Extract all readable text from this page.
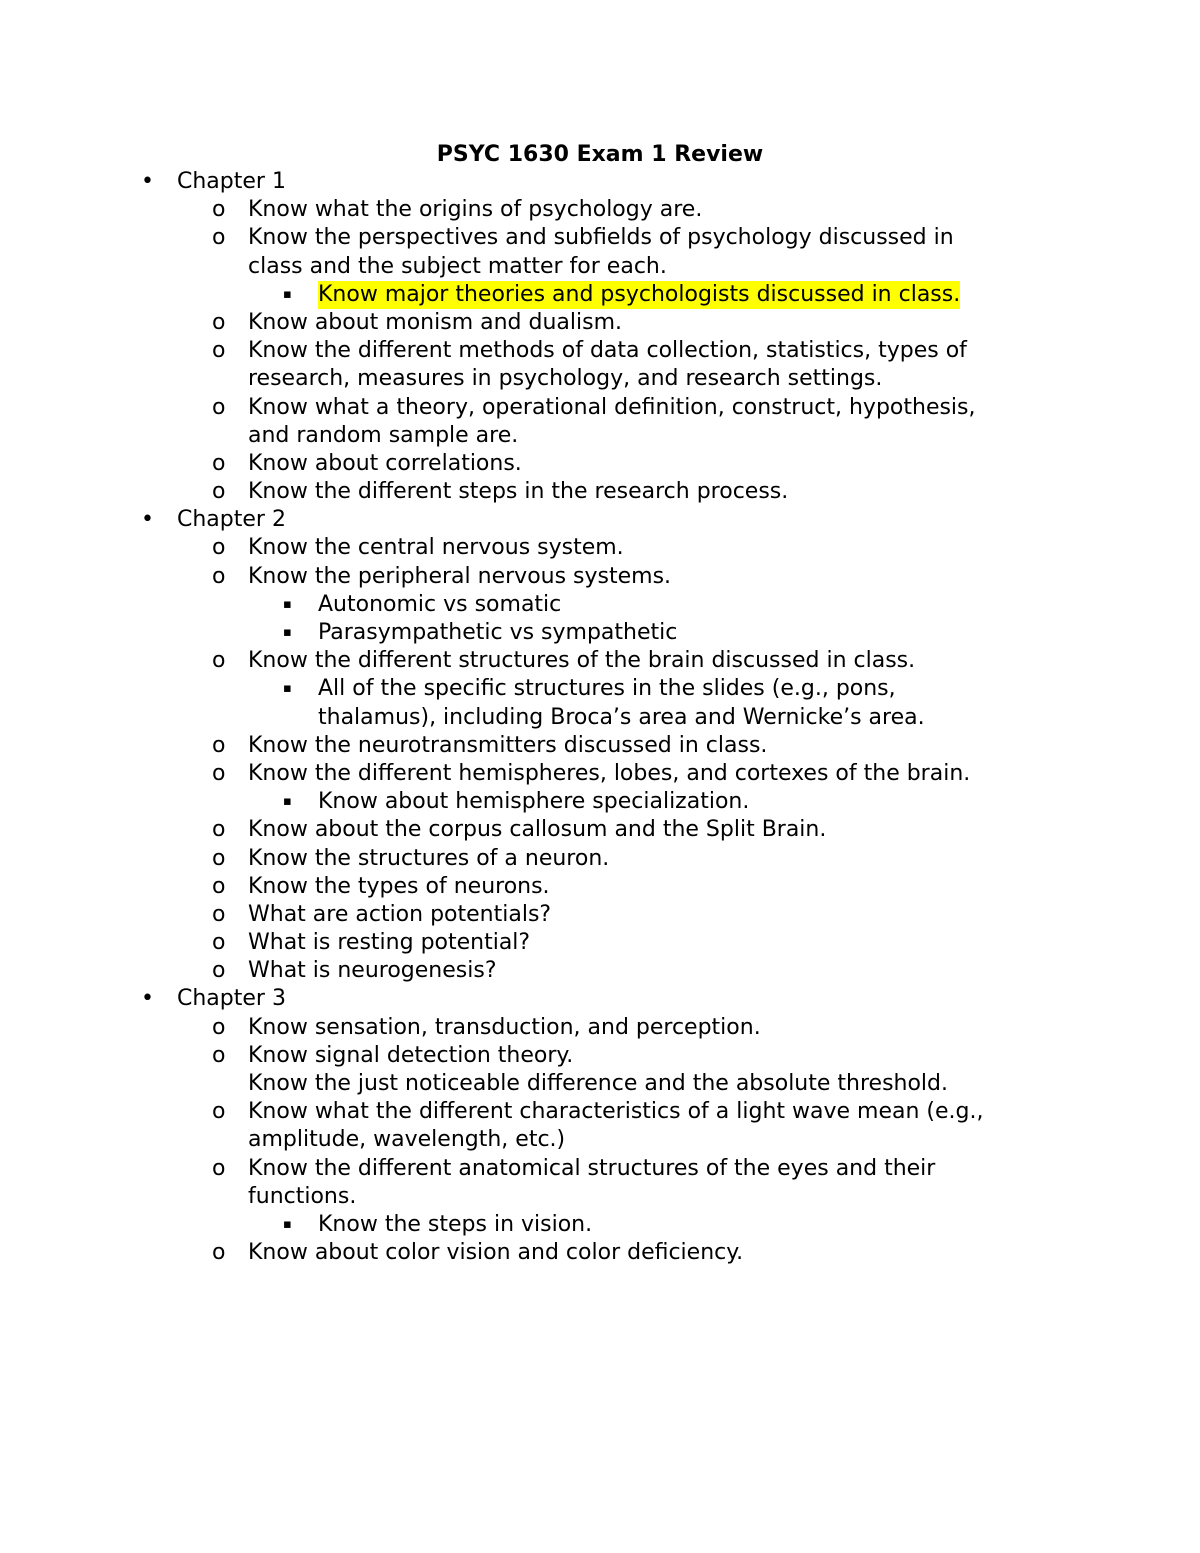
PSYC 1630 Exam 1 Review
• Chapter 1
o Know what the origins of psychology are.
o Know the perspectives and subfields of psychology discussed in
class and the subject matter for each.
▪ Know major theories and psychologists discussed in class.
o Know about monism and dualism.
o Know the different methods of data collection, statistics, types of
research, measures in psychology, and research settings.
o Know what a theory, operational definition, construct, hypothesis,
and random sample are.
o Know about correlations.
o Know the different steps in the research process.
• Chapter 2
o Know the central nervous system.
o Know the peripheral nervous systems.
▪ Autonomic vs somatic
▪ Parasympathetic vs sympathetic
o Know the different structures of the brain discussed in class.
▪ All of the specific structures in the slides (e.g., pons,
thalamus), including Broca’s area and Wernicke’s area.
o Know the neurotransmitters discussed in class.
o Know the different hemispheres, lobes, and cortexes of the brain.
▪ Know about hemisphere specialization.
o Know about the corpus callosum and the Split Brain.
o Know the structures of a neuron.
o Know the types of neurons.
o What are action potentials?
o What is resting potential?
o What is neurogenesis?
• Chapter 3
o Know sensation, transduction, and perception.
o Know signal detection theory.
Know the just noticeable difference and the absolute threshold.
o Know what the different characteristics of a light wave mean (e.g.,
amplitude, wavelength, etc.)
o Know the different anatomical structures of the eyes and their
functions.
▪ Know the steps in vision.
o Know about color vision and color deficiency.
